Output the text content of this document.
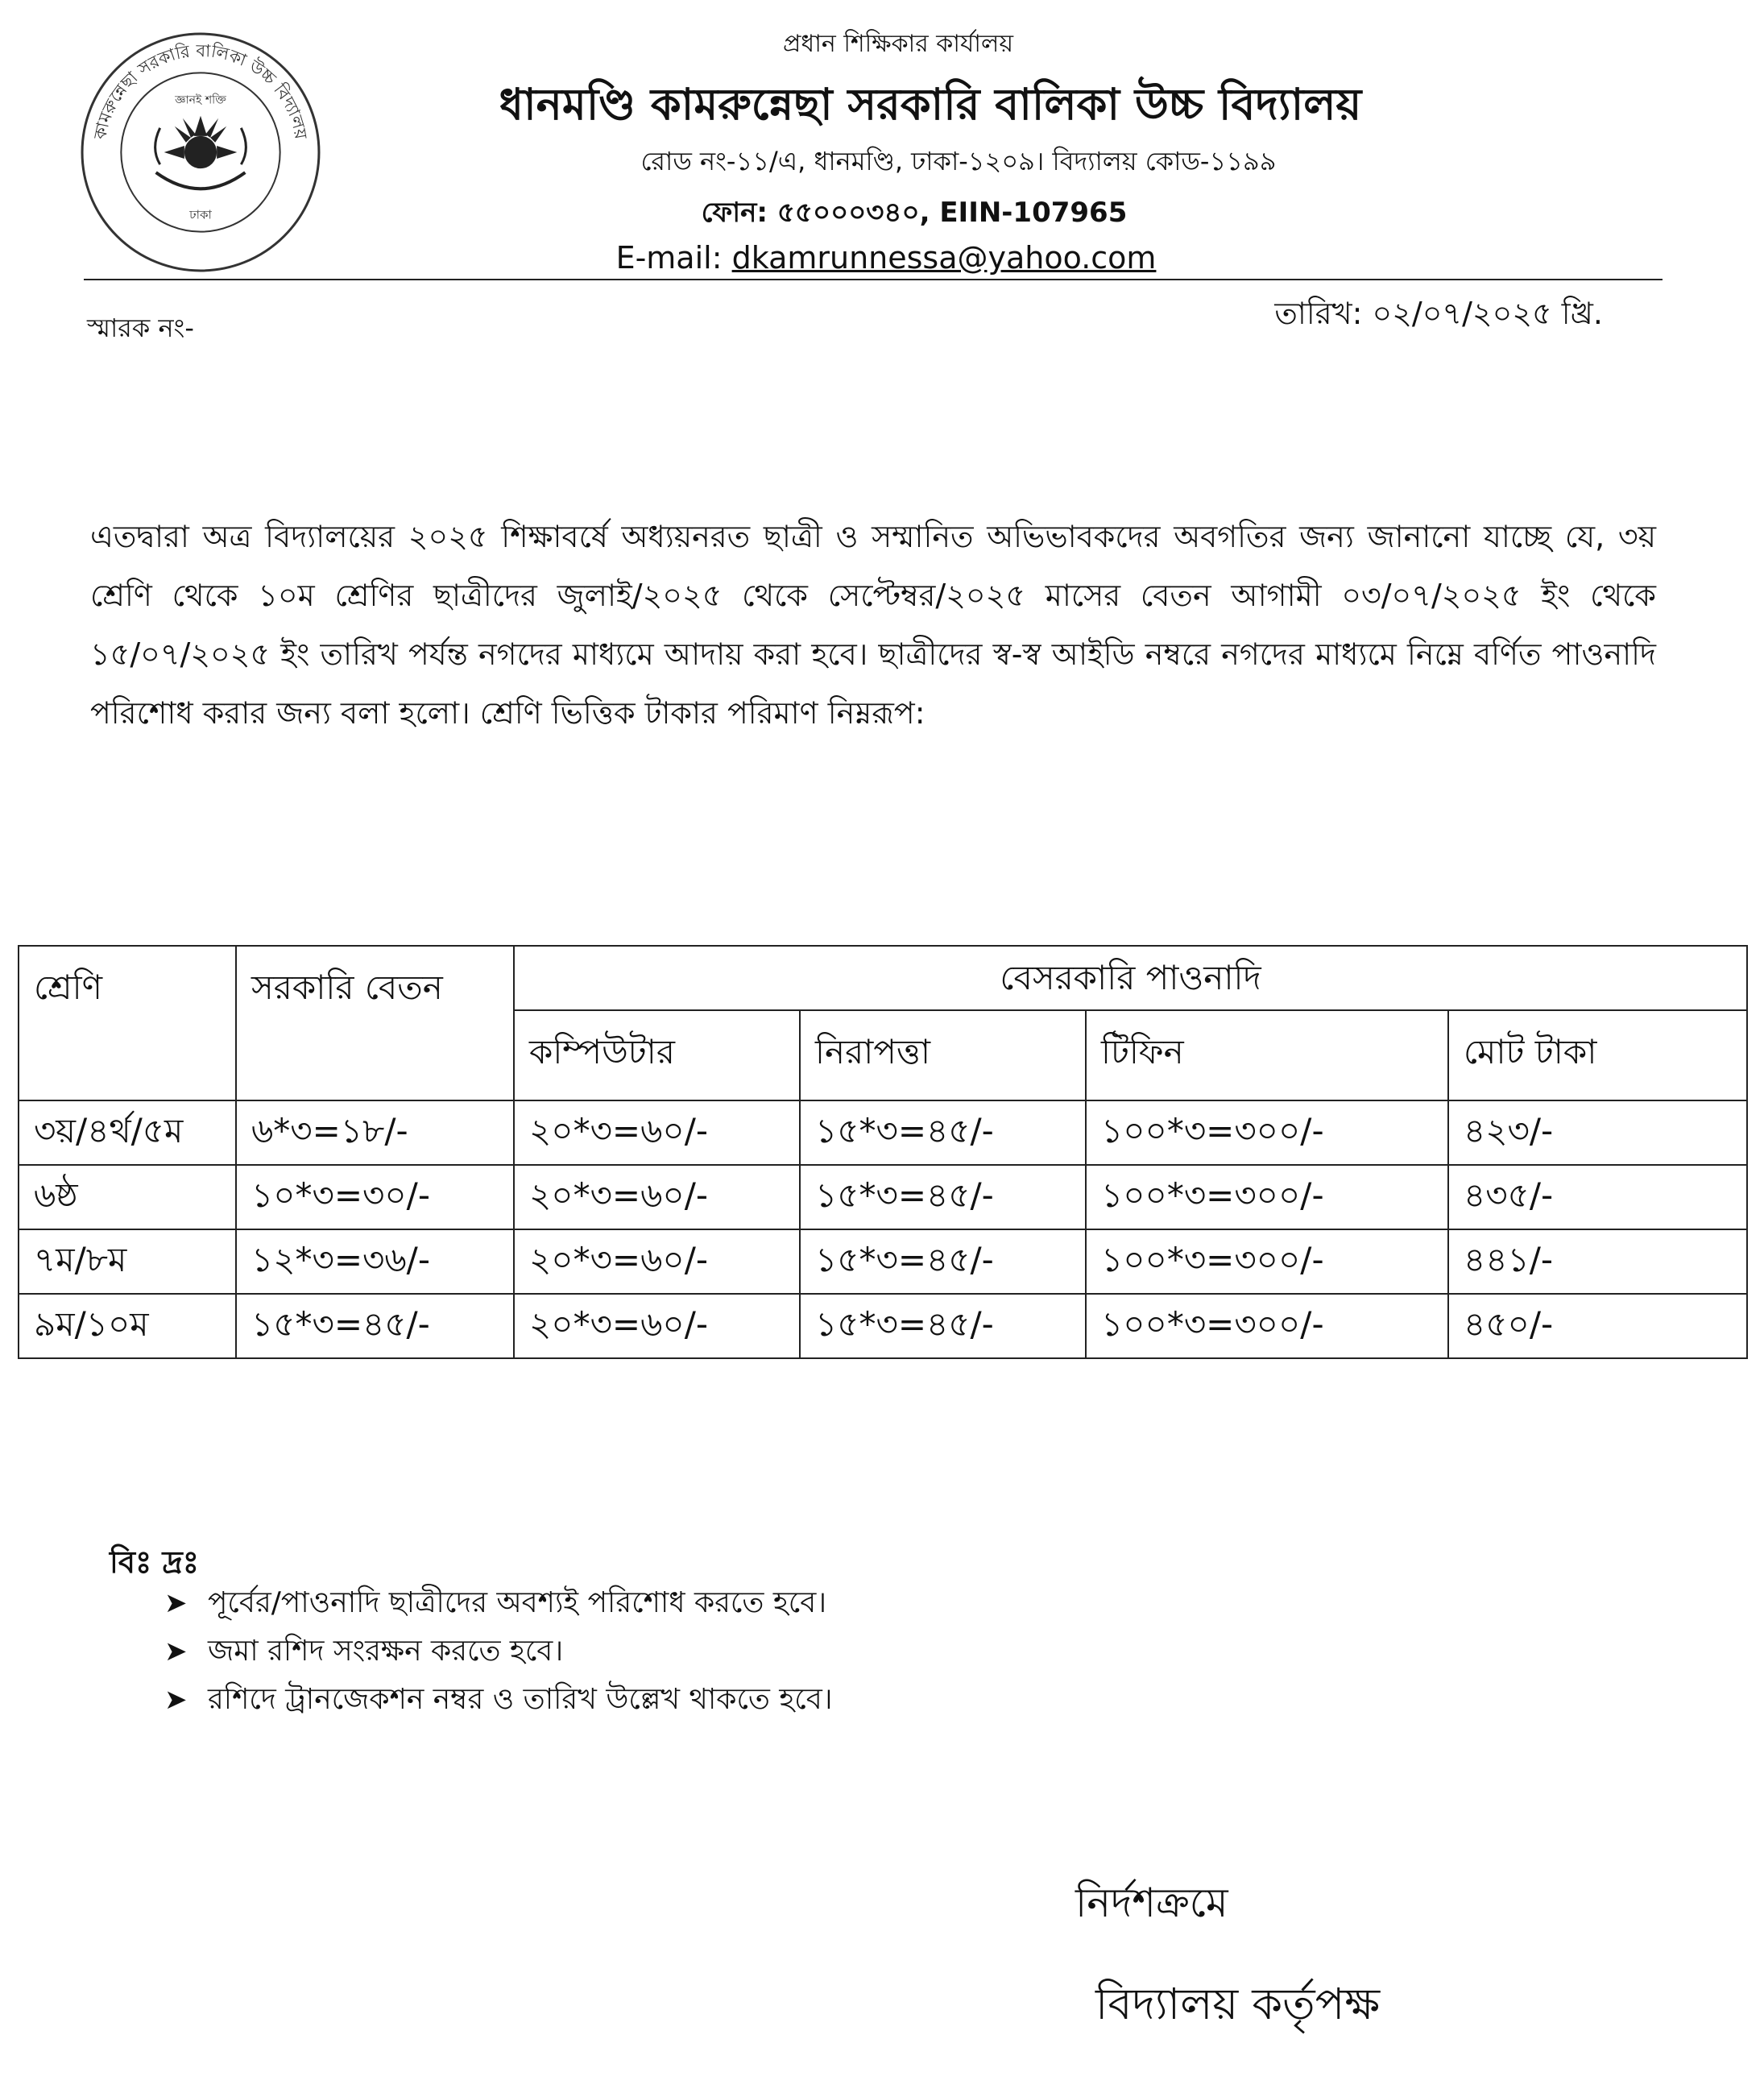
কামরুন্নেছা সরকারি বালিকা উচ্চ বিদ্যালয়
জ্ঞানই শক্তি
ঢাকা
প্রধান শিক্ষিকার কার্যালয়
ধানমণ্ডি কামরুন্নেছা সরকারি বালিকা উচ্চ বিদ্যালয়
রোড নং-১১/এ, ধানমণ্ডি, ঢাকা-১২০৯। বিদ্যালয় কোড-১১৯৯
ফোন: ৫৫০০০৩৪০, EIIN-107965
E-mail: dkamrunnessa@yahoo.com
স্মারক নং-	তারিখ: ০২/০৭/২০২৫ খ্রি.
এতদ্বারা অত্র বিদ্যালয়ের ২০২৫ শিক্ষাবর্ষে অধ্যয়নরত ছাত্রী ও সম্মানিত অভিভাবকদের অবগতির জন্য জানানো যাচ্ছে যে, ৩য় শ্রেণি থেকে ১০ম শ্রেণির ছাত্রীদের জুলাই/২০২৫ থেকে সেপ্টেম্বর/২০২৫ মাসের বেতন আগামী ০৩/০৭/২০২৫ ইং থেকে ১৫/০৭/২০২৫ ইং তারিখ পর্যন্ত নগদের মাধ্যমে আদায় করা হবে। ছাত্রীদের স্ব-স্ব আইডি নম্বরে নগদের মাধ্যমে নিম্নে বর্ণিত পাওনাদি পরিশোধ করার জন্য বলা হলো। শ্রেণি ভিত্তিক টাকার পরিমাণ নিম্নরূপ:
শ্রেণি	সরকারি বেতন	বেসরকারি পাওনাদি			
		কম্পিউটার	নিরাপত্তা	টিফিন	মোট টাকা
৩য়/৪র্থ/৫ম	৬*৩=১৮/-	২০*৩=৬০/-	১৫*৩=৪৫/-	১০০*৩=৩০০/-	৪২৩/-
৬ষ্ঠ	১০*৩=৩০/-	২০*৩=৬০/-	১৫*৩=৪৫/-	১০০*৩=৩০০/-	৪৩৫/-
৭ম/৮ম	১২*৩=৩৬/-	২০*৩=৬০/-	১৫*৩=৪৫/-	১০০*৩=৩০০/-	৪৪১/-
৯ম/১০ম	১৫*৩=৪৫/-	২০*৩=৬০/-	১৫*৩=৪৫/-	১০০*৩=৩০০/-	৪৫০/-
বিঃ দ্রঃ
➤ পূর্বের/পাওনাদি ছাত্রীদের অবশ্যই পরিশোধ করতে হবে।
➤ জমা রশিদ সংরক্ষন করতে হবে।
➤ রশিদে ট্রানজেকশন নম্বর ও তারিখ উল্লেখ থাকতে হবে।
নির্দশক্রমে
বিদ্যালয় কর্তৃপক্ষ
